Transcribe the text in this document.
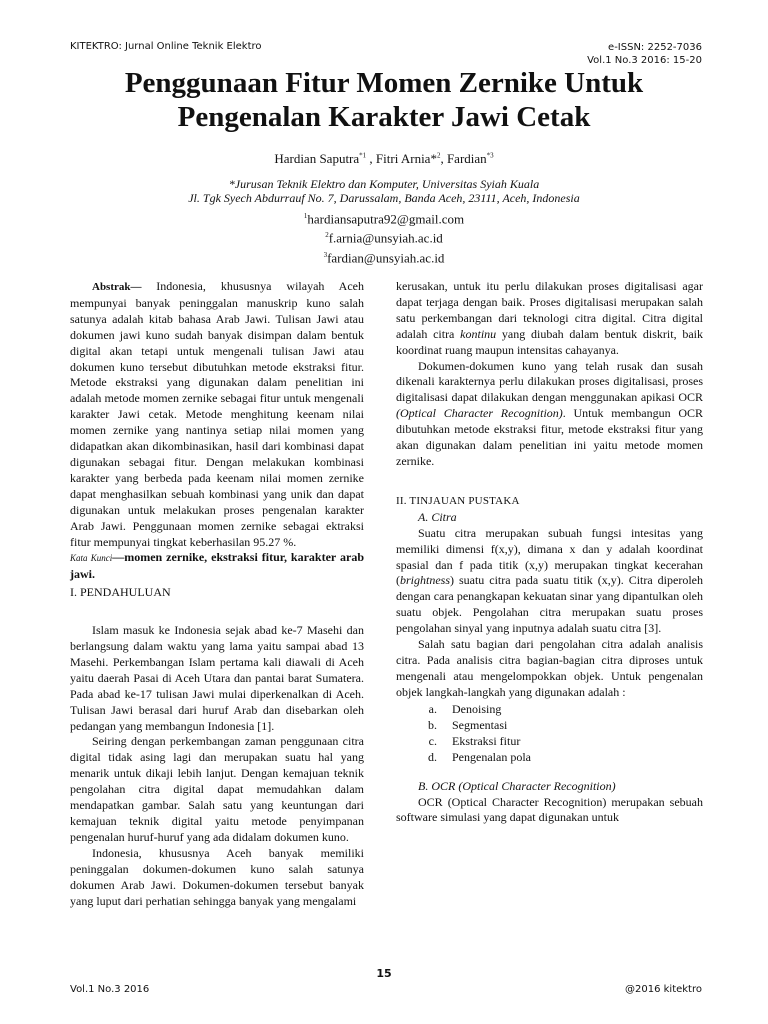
KITEKTRO: Jurnal Online Teknik Elektro	e-ISSN: 2252-7036
Vol.1 No.3 2016: 15-20
Penggunaan Fitur Momen Zernike Untuk
Pengenalan Karakter Jawi Cetak
Hardian Saputra$^{*1}$ , Fitri Arnia*$^2$, Fardian$^{*3}$
*Jurusan Teknik Elektro dan Komputer, Universitas Syiah Kuala
Jl. Tgk Syech Abdurrauf No. 7, Darussalam, Banda Aceh, 23111, Aceh, Indonesia
$^1$hardiansaputra92@gmail.com
$^2$f.arnia@unsyiah.ac.id
$^3$fardian@unsyiah.ac.id

Abstrak— Indonesia, khususnya wilayah Aceh mempunyai banyak peninggalan manuskrip kuno salah satunya adalah kitab bahasa Arab Jawi. Tulisan Jawi atau dokumen jawi kuno sudah banyak disimpan dalam bentuk digital akan tetapi untuk mengenali tulisan Jawi atau dokumen kuno tersebut dibutuhkan metode ekstraksi fitur. Metode ekstraksi yang digunakan dalam penelitian ini adalah metode momen zernike sebagai fitur untuk mengenali karakter Jawi cetak. Metode menghitung keenam nilai momen zernike yang nantinya setiap nilai momen yang didapatkan akan dikombinasikan, hasil dari kombinasi dapat digunakan sebagai fitur. Dengan melakukan kombinasi karakter yang berbeda pada keenam nilai momen zernike dapat menghasilkan sebuah kombinasi yang unik dan dapat digunakan untuk melakukan proses pengenalan karakter Arab Jawi. Penggunaan momen zernike sebagai ektraksi fitur mempunyai tingkat keberhasilan 95.27 %.

Kata Kunci—momen zernike, ekstraksi fitur, karakter arab jawi.

I. PENDAHULUAN

Islam masuk ke Indonesia sejak abad ke-7 Masehi dan berlangsung dalam waktu yang lama yaitu sampai abad 13 Masehi. Perkembangan Islam pertama kali diawali di Aceh yaitu daerah Pasai di Aceh Utara dan pantai barat Sumatera. Pada abad ke-17 tulisan Jawi mulai diperkenalkan di Aceh. Tulisan Jawi berasal dari huruf Arab dan disebarkan oleh pedangan yang membangun Indonesia [1].

Seiring dengan perkembangan zaman penggunaan citra digital tidak asing lagi dan merupakan suatu hal yang menarik untuk dikaji lebih lanjut. Dengan kemajuan teknik pengolahan citra digital dapat memudahkan dalam mendapatkan gambar. Salah satu yang keuntungan dari kemajuan teknik digital yaitu metode penyimpanan pengenalan huruf-huruf yang ada didalam dokumen kuno.

Indonesia, khususnya Aceh banyak memiliki peninggalan dokumen-dokumen kuno salah satunya dokumen Arab Jawi. Dokumen-dokumen tersebut banyak yang luput dari perhatian sehingga banyak yang mengalami

kerusakan, untuk itu perlu dilakukan proses digitalisasi agar dapat terjaga dengan baik. Proses digitalisasi merupakan salah satu perkembangan dari teknologi citra digital. Citra digital adalah citra kontinu yang diubah dalam bentuk diskrit, baik koordinat ruang maupun intensitas cahayanya.

Dokumen-dokumen kuno yang telah rusak dan susah dikenali karakternya perlu dilakukan proses digitalisasi, proses digitalisasi dapat dilakukan dengan menggunakan apikasi OCR (Optical Character Recognition). Untuk membangun OCR dibutuhkan metode ekstraksi fitur, metode ekstraksi fitur yang akan digunakan dalam penelitian ini yaitu metode momen zernike.

II. TINJAUAN PUSTAKA

A. Citra

Suatu citra merupakan subuah fungsi intesitas yang memiliki dimensi f(x,y), dimana x dan y adalah koordinat spasial dan f pada titik (x,y) merupakan tingkat kecerahan (brightness) suatu citra pada suatu titik (x,y). Citra diperoleh dengan cara penangkapan kekuatan sinar yang dipantulkan oleh suatu objek. Pengolahan citra merupakan suatu proses pengolahan sinyal yang inputnya adalah suatu citra [3].

Salah satu bagian dari pengolahan citra adalah analisis citra. Pada analisis citra bagian-bagian citra diproses untuk mengenali atau mengelompokkan objek. Untuk pengenalan objek langkah-langkah yang digunakan adalah :

a. Denoising
b. Segmentasi
c. Ekstraksi fitur
d. Pengenalan pola

B. OCR (Optical Character Recognition)

OCR (Optical Character Recognition) merupakan sebuah software simulasi yang dapat digunakan untuk

15
Vol.1 No.3 2016	@2016 kitektro
